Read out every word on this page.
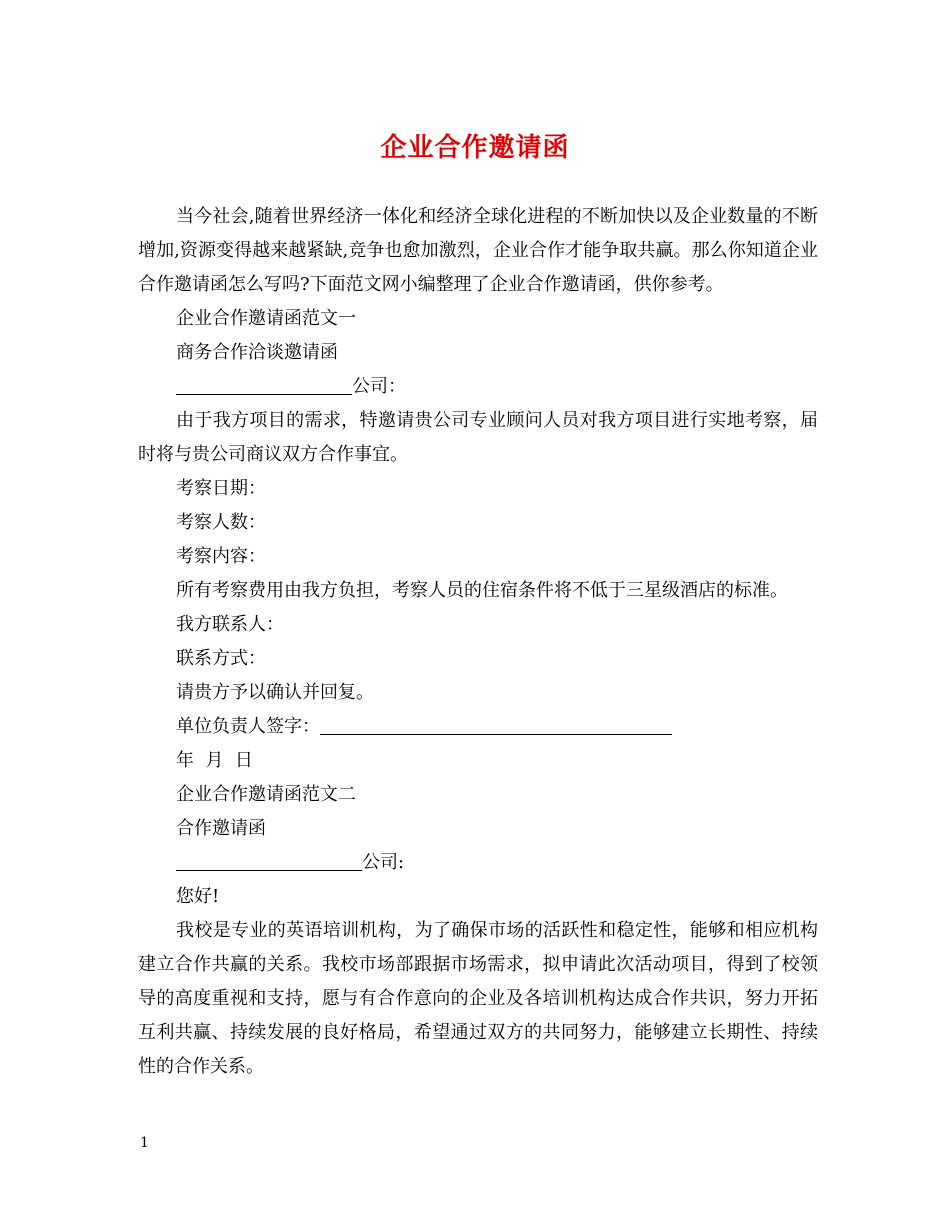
企业合作邀请函

当今社会,随着世界经济一体化和经济全球化进程的不断加快以及企业数量的不断增加,资源变得越来越紧缺,竞争也愈加激烈，企业合作才能争取共赢。那么你知道企业合作邀请函怎么写吗?下面范文网小编整理了企业合作邀请函，供你参考。

企业合作邀请函范文一
商务合作洽谈邀请函
公司：

由于我方项目的需求，特邀请贵公司专业顾问人员对我方项目进行实地考察，届时将与贵公司商议双方合作事宜。

考察日期：
考察人数：
考察内容：
所有考察费用由我方负担，考察人员的住宿条件将不低于三星级酒店的标准。
我方联系人：
联系方式：
请贵方予以确认并回复。
单位负责人签字：
年  月  日
企业合作邀请函范文二
合作邀请函
公司:
您好!

我校是专业的英语培训机构，为了确保市场的活跃性和稳定性，能够和相应机构建立合作共赢的关系。我校市场部跟据市场需求，拟申请此次活动项目，得到了校领导的高度重视和支持，愿与有合作意向的企业及各培训机构达成合作共识，努力开拓互利共赢、持续发展的良好格局，希望通过双方的共同努力，能够建立长期性、持续性的合作关系。

1
